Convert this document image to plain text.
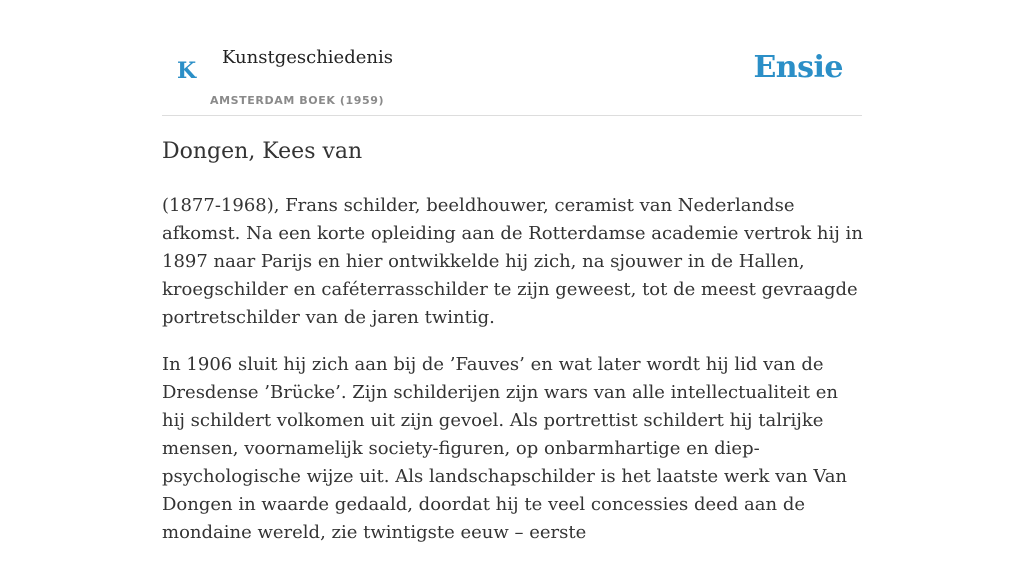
K
Kunstgeschiedenis
AMSTERDAM BOEK (1959)
Ensie
Dongen, Kees van

(1877-1968), Frans schilder, beeldhouwer, ceramist van Nederlandse afkomst. Na een korte opleiding aan de Rotterdamse academie vertrok hij in 1897 naar Parijs en hier ontwikkelde hij zich, na sjouwer in de Hallen, kroegschilder en caféterrasschilder te zijn geweest, tot de meest gevraagde portretschilder van de jaren twintig.

In 1906 sluit hij zich aan bij de ’Fauves’ en wat later wordt hij lid van de Dresdense ’Brücke’. Zijn schilderijen zijn wars van alle intellectualiteit en hij schildert volkomen uit zijn gevoel. Als portrettist schildert hij talrijke mensen, voornamelijk society-figuren, op onbarmhartige en diep-psychologische wijze uit. Als landschapschilder is het laatste werk van Van Dongen in waarde gedaald, doordat hij te veel concessies deed aan de mondaine wereld, zie twintigste eeuw – eerste
